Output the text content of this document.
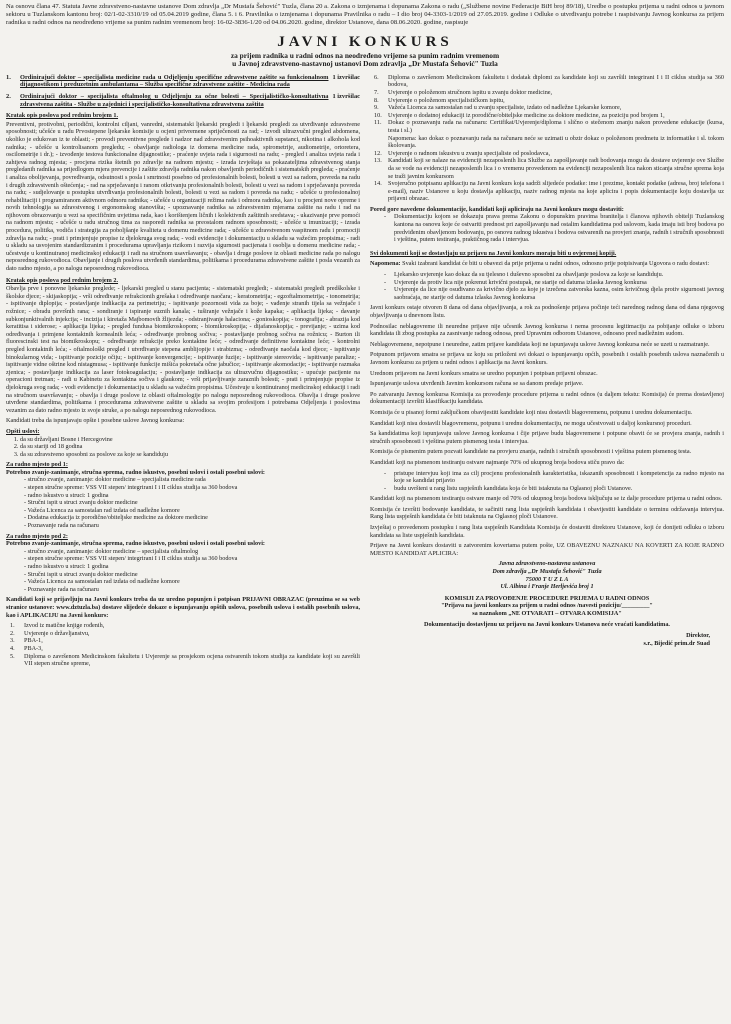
Na osnovu člana 47. Statuta Javne zdravstveno-nastavne ustanove Dom zdravlja „Dr Mustafa Šehović" Tuzla, člana 20 a. Zakona o izmjenama i dopunama Zakona o radu („Službene novine Federacije BiH broj 89/18), Uredbe o postupku prijema u radni odnos u javnom sektoru u Tuzlanskom kantonu broj: 02/1-02-3310/19 od 05.04.2019 godine, člana 5. i 6. Pravilnika o izmjenama i dopunama Pravilnika o radu – I dio broj 04-3303-1/2019 od 27.05.2019. godine i Odluke o utvrđivanju potrebe i raspisivanju Javnog konkursa za prijem radnika u radni odnos na neodređeno vrijeme sa punim radnim vremenom broj: 16-02-3836-1/20 od 04.06.2020. godine, direktor Ustanove, dana 08.06.2020. godine, raspisuje

JAVNI KONKURS
za prijem radnika u radni odnos na neodređeno vrijeme sa punim radnim vremenom
u Javnoj zdravstveno-nastavnoj ustanovi Dom zdravlja „Dr Mustafa Šehović" Tuzla
1.	Ordinirajući doktor – specijalista medicine rada u Odjeljenju specifične zdravstvene zaštite sa funkcionalnom dijagnostikom i preduzetnim ambulantama – Služba specifične zdravstvene zaštite - Medicina rada
1 izvršilac
2.	Ordinirajući doktor – specijalista oftalmolog u Odjeljenju za očne bolesti – Specijalističko-konsultativna zdravstvena zaštita - Službe u zajednici i specijalističko-konsultativna zdravstvena zaštita
1 izvršilac
Kratak opis poslova pod rednim brojem 1.

Preventivni, protivobni, periodični, kontrolni ciljani, vanredni, sistematski ljekarski pregledi i ljekarski pregledi za utvrđivanje zdravstvene sposobnosti; učešće u radu Prvostepene ljekarske komisije u ocjeni privremene spriječenosti za rad; - izvodi ultrazvučni pregled abdomena, ukoliko je edukovan iz te oblasti; - provodi preventivne preglede i nadzor nad zdravstvenim psihoaktivnih supstanci, nikotina i alkohola kod radnika; - učešće u kontrolisanom pregledu; - obavljanje radiologa iz domena medicine rada, spirometrije, audiometrije, ortoretera, oscilometrije i dr.); - izvođenje testova funkcionalne dijagnostike; - praćenje uvjeta rada i sigurnosti na radu; - pregled i analiza uvjeta rada i zahtjeva radnog mjesta; - procjena rizika štetnih po zdravlje na radnom mjestu; - izrada izvještaja sa pokazateljima zdravstvenog stanja pregledanih radnika sa prijedlogom mjera prevencije i zaštite zdravlja radnika nakon obavljenih periodičnih i sistematskih pregleda; - praćenje i analiza obolijevanja, povređivanja, odsutnosti s posla i smrtnosti posebno od profesionalnih bolesti, bolesti u vezi sa radom, povreda na radu i drugih zdravstvenih oštećenja; - rad na sprječavanju i ranom otkrivanju profesionalnih bolesti, bolesti u vezi sa radom i sprječavanju povreda na radu; - sudjelovanje u postupku utvrđivanja profesionalnih bolesti, bolesti u vezi sa radom i povreda na radu; - učešće u profesionalnoj rehabilitaciji i programiranom aktivnom odmoru radnika; - učešće u organizaciji režima rada i odmora radnika, kao i u procjeni nove opreme i novih tehnologija sa zdravstvenog i ergonomskog stanovišta; - upoznavanje radnika sa zdravstvenim mjerama zaštite na radu i rad na njihovom obrazovanju u vezi sa specifičnim uvjetima rada, kao i korištenjem ličnih i kolektivnih zaštitnih sredstava; - ukazivanje prve pomoći na radnom mjestu; - učešće u radu stručnog tima za rasporedi radnika sa preostalom radnom sposobnosti; - učešće u imunizaciji; - izrada procedura, politika, vodiča i strategija za poboljšanje kvaliteta u domenu medicine rada; - učešće u zdravstvenom vaspitnom radu i promociji zdravlja na radu; - prati i primjenjuje propise iz djelokruga svog rada; - vodi evidencije i dokumentaciju u skladu sa važećim propisima; - radi u skladu sa usvojenim standardizranim i procedurama upravljanja rizikom i razvija sigurnosti pacijenata i osoblja u domenu medicine rada; - učestvuje u kontinuiranoj medicinskoj edukaciji i radi na stručnom usavršavanju; - obavlja i druge poslove iz oblasti medicine rada po nalogu neposrednog rukovodioca. Obavljanje i drugih poslova utvrđenih standardima, politikama i procedurama zdravstvene zaštite i posla vezanih za dato radno mjesto, a po nalogu neposrednog rukovodioca.

Kratak opis poslova pod rednim brojem 2.

Obavlja prve i ponovne ljekarske preglede; - ljekarski pregled u stanu pacijenta; - sistematski pregledi; - sistematski pregledi predškolske i školske djece; - skijaskopija; - vrši određivanje refrakcionih grešaka i određivanje naočara; - keratometrija; - egzoftalmometrija; - tonometrija; - ispitivanje diplopija; - postavljanje indikacija za perimetriju; - ispitivanje pozornosti vida za boje; - vađenje stranih tijela sa vežnjače i rožnice; - obradu površnih rana; - sondiranje i ispiranje suznih kanala; - tuširanje vežnjače i kože kapaka; - aplikacija lijeka; - davanje subkonjunktivalnih injekcija; - incizija i kiretaža Majbomovih žlijezda; - odstranjivanje halaciona; - gonioskopija; - tonografija; - abrazija kod keratitisa i siderose; - aplikacija lijeka; - pregled fundusa biomikroskopom; - biomikroskopija; - dijafanoskopija; - previjanje; - uzima kod određivanja i primjene kontaktnih kornealnih leća; - određivanje probnog sočiva; - postavljanje probnog sočiva na rožnicu; - Burton ili fluorescinski test na biomikroskopu; - određivanje refrakcije preko kontaktne leće; - određivanje definitivne kontaktne leće; - kontrolni pregled kontaktnih leća; - oftalmološki pregled i utvrđivanje stepena amblijopije i strabizma; - određivanje naočala kod djece; - ispitivanje binokularnog vida; - ispitivanje pozicije očiju; - ispitivanje konvergencije; - ispitivanje fuzije; - ispitivanje stereovida; - ispitivanje paralize; - ispitivanje vidne oštrine kod nistagmusa; - ispitivanje funkcije mišića pokretača očne jabučice; - ispitivanje akomodacije; - ispitivanje razmaka zjenica; - postavljanje indikacija za laser fotokoagulaciju; - postavljanje indikacija za ultrazvučnu dijagnostiku; - upućuje pacijente na operacioni tretman; - radi u Kabinetu za kontaktna sočiva i glaukom; - vrši prijavljivanje zaraznih bolesti; - prati i primjenjuje propise iz djelokruga svog rada; - vodi evidencije i dokumentaciju u skladu sa važećim propisima. Učestvuje u kontinuiranoj medicinskoj edukaciji i radi na stručnom usavršavanju; - obavlja i druge poslove iz oblasti oftalmologije po nalogu neposrednog rukovodioca. Obavlja i druge poslove utvrđene standardima, politikama i procedurama zdravstvene zaštite u skladu sa svojim profesijom i potrebama Odjeljenja i poslovima vezanim za dato radno mjesto iz svoje struke, a po nalogu neposrednog rukovodioca.

Kandidati treba da ispunjavaju opšte i posebne uslove Javnog konkursa:

Opšti uslovi:
1. da su državljani Bosne i Hercegovine
2. da su stariji od 18 godina
3. da su zdravstveno sposobni za poslove za koje se kandiduju
Za radno mjesto pod 1:
Potrebno zvanje-zanimanje, stručna sprema, radno iskustvo, posebni uslovi i ostali posebni uslovi:
- stručno zvanje, zanimanje: doktor medicine – specijalista medicine rada
- stepen stručne spreme: VSS VII stepen/ integrirani I i II ciklus studija sa 360 bodova
- radno iskustvo u struci: 1 godina
- Stručni ispit u struci zvanju doktor medicine
- Važeća Licenca za samostalan rad izdata od nadležne komore
- Dodatna edukacija iz porodične/obiteljske medicine za doktore medicine
- Poznavanje rada na računaru
Za radno mjesto pod 2:
Potrebno zvanje-zanimanje, stručna sprema, radno iskustvo, posebni uslovi i ostali posebni uslovi:
- stručno zvanje, zanimanje: doktor medicine – specijalista oftalmolog
- stepen stručne spreme: VSS VII stepen/ integrirani I i II ciklus studija sa 360 bodova
- radno iskustvo u struci: 1 godina
- Stručni ispit u struci zvanju doktor medicine
- Važeća Licenca za samostalan rad izdata od nadležne komore
- Poznavanje rada na računaru

Kandidati koji se prijavljuju na Javni konkurs treba da uz uredno popunjen i potpisan PRIJAVNI OBRAZAC (preuzima se sa web stranice ustanove: www.dztuzla.ba) dostave slijedeće dokaze o ispunjavanju opštih uslova, posebnih uslova i ostalih posebnih uslova, kao i APLIKACIJU na Javni konkurs:

1.	Izvod iz matične knjige rođenih,
2.	Uvjerenje o državljanstvu,
3.	PBA-1,
4.	PBA-3,
5.	Diploma o završenom Medicinskom fakultetu i Uvjerenje sa prosjekom ocjena ostvarenih tokom studija za kandidate koji su završili VII stepen stručne spreme,
6.	Diploma o završenom Medicinskom fakultetu i dodatak diplomi za kandidate koji su završili integrirani I i II ciklus studija sa 360 bodova,
7.	Uvjerenje o položenom stručnom ispitu u zvanju doktor medicine,
8.	Uvjerenje o položenom specijalističkom ispitu,
9.	Važeća Licenca za samostalan rad u zvanju specijaliste, izdato od nadležne Ljekarske komore,
10.	Uvjerenje o dodatnoj edukaciji iz porodične/obiteljske medicine za doktore medicine, za poziciju pod brojem 1,
11.	Dokaz o poznavanju rada na računaru: Certifikat/Uvjerenje/diploma i slično o stečenom znanju nakon provedene edukacije (kursa, testa i sl.)
Napomena: kao dokaz o poznavanju rada na računaru neće se uzimati u obzir dokaz o položenom predmetu iz informatike i sl. tokom školovanja.
12.	Uvjerenje o radnom iskustvu u zvanju specijaliste od poslodavca,
13.	Kandidati koji se nalaze na evidenciji nezaposlenih lica Službe za zapošljavanje radi bodovanja mogu da dostave uvjerenje ove Službe da se vode na evidenciji nezaposlenih lica i o vremenu provedenom na evidenciji nezaposlenih lica nakon sticanja stručne sprema koja se traži javnim konkursom
14.	Svojeručno potpisanu aplikaciju na Javni konkurs koja sadrži slijedeće podatke: ime i prezime, kontakt podatke (adresa, broj telefona i e-mail), naziv Ustanove u koju dostavlja aplikaciju, naziv radnog mjesta na koje aplicira i popis dokumentacije koju dostavlja uz prijavni obrazac.
Pored gore navedene dokumentacije, kandidati koji apliciraju na Javni konkurs mogu dostaviti:
- Dokumentaciju kojom se dokazuju prava prema Zakonu o dopunskim pravima branitelja i članova njihovih obitelji Tuzlanskog kantona na osnovu koje će ostvariti prednost pri zapošljavanju nad ostalim kandidatima pod uslovom, kada imaju isti broj bodova po predviđenim obavljenom bodovanju, po osnovu radnog iskustva i bodova ostvarenih na provjeri znanja, radnih i stručnih sposobnosti i vještina, putem testiranja, praktičnog rada i intervjua.
Svi dokumenti koji se dostavljaju uz prijavu na Javni konkurs moraju biti u ovjerenoj kopiji.

Napomena: Svaki izabrani kandidat će biti u obavezi da prije prijema u radni odnos, odnosno prije potpisivanja Ugovora o radu dostavi:

- Ljekarsko uvjerenje kao dokaz da su tjelesno i duševno sposobni za obavljanje poslova za koje se kandiduju.
- Uvjerenje da protiv lica nije pokrenut krivični postupak, ne starije od datuma izlaska Javnog konkursa
- Uvjerenje da lice nije osuđivano za krivično djelo za koje je izrečena zatvorska kazna, osim krivičnog djela protiv sigurnosti javnog saobraćaja, ne starije od datuma izlaska Javnog konkursa

Javni konkurs ostaje otvoren 8 dana od dana objavljivanja, a rok za podnošenje prijava počinje teći narednog radnog dana od dana njegovog objavljivanja u dnevnom listu.

Podnosilac neblagovreme ili neuredne prijave nije učesnik Javnog konkursa i nema procesnu legitimaciju za pobijanje odluke o izboru kandidata ili zbog postupka za zasnivanje radnog odnosa, pred Upravnim odborom Ustanove, odnosno pred nadležnim sudom.

Neblagovremene, nepotpune i neuredne, zatim prijave kandidata koji ne ispunjavaju uslove Javnog konkursa neće se uzeti u razmatranje.

Potpunom prijavom smatra se prijava uz koju su priloženi svi dokazi o ispunjavanju općih, posebnih i ostalih posebnih uslova naznačenih u Javnom konkursu za prijem u radni odnos i aplikacija na Javni konkurs.

Urednom prijavom na Javni konkurs smatra se uredno popunjen i potpisan prijavni obrazac.

Ispunjavanje uslova utvrđenih Javnim konkursom računa se sa danom predaje prijave.

Po zatvaranju Javnog konkursa Komisija za provođenje procedure prijema u radni odnos (u daljem tekstu: Komisija) će prema dostavljenoj dokumentaciji izvršiti klasifikaciju kandidata.

Komisija će u pisanoj formi zaključkom obavijestiti kandidate koji nisu dostavili blagovremenu, potpunu i urednu dokumentaciju.

Kandidati koji nisu dostavili blagovremenu, potpunu i urednu dokumentaciju, ne mogu učestvovati u daljoj konkursnoj proceduri.

Sa kandidatima koji ispunjavaju uslove Javnog konkursa i čije prijave budu blagovremene i potpune obavit će se provjera znanja, radnih i stručnih sposobnosti i vještina putem pismenog testa i intervjua.

Komisija će pismenim putem pozvati kandidate na provjeru znanja, radnih i stručnih sposobnosti i vještina putem pismenog testa.

Kandidati koji na pismenom testiranju ostvare najmanje 70% od ukupnog broja bodova stiču pravo da:

- pristupe intervjuu koji ima za cilj procjenu profesionalnih karakteristika, iskazanih sposobnosti i kompetencija za radno mjesto na koje se kandidat prijavio
- budu uvršteni u rang listu uspješnih kandidata koja će biti istaknuta na Oglasnoj ploči Ustanove.

Kandidati koji na pismenom testiranju ostvare manje od 70% od ukupnog broja bodova isključuju se iz dalje procedure prijema u radni odnos.

Komisija će izvršiti bodovanje kandidata, te sačiniti rang lista uspješnih kandidata i obavijestiti kandidate o terminu održavanja intervjua. Rang lista uspješnih kandidata će biti istaknuta na Oglasnoj ploči Ustanove.

Izvještaj o provedenom postupku i rang lista uspješnih Kandidata Komisija će dostaviti direktoru Ustanove, koji će donijeti odluku o izboru kandidata sa liste uspješnih kandidata.

Prijave na Javni konkurs dostaviti u zatvorenim kovertama putem pošte, UZ OBAVEZNU NAZNAKU NA KOVERTI ZA KOJE RADNO MJESTO KANDIDAT APLICIRA:

Javna zdravstveno-nastavna ustanova
Dom zdravlja „Dr Mustafa Šehović" Tuzla
75000 T U Z L A
Ul. Albina i Franje Herljevića broj 1
KOMISIJI ZA PROVOĐENJE PROCEDURE PRIJEMA U RADNI ODNOS
"Prijava na javni konkurs za prijem u radni odnos /navesti poziciju/_________"
sa naznakom „NE OTVARATI – OTVARA KOMISIJA"
Dokumentaciju dostavljenu uz prijavu na Javni konkurs Ustanova neće vraćati kandidatima.
Direktor,
s.r., Bijedić prim.dr Suad
